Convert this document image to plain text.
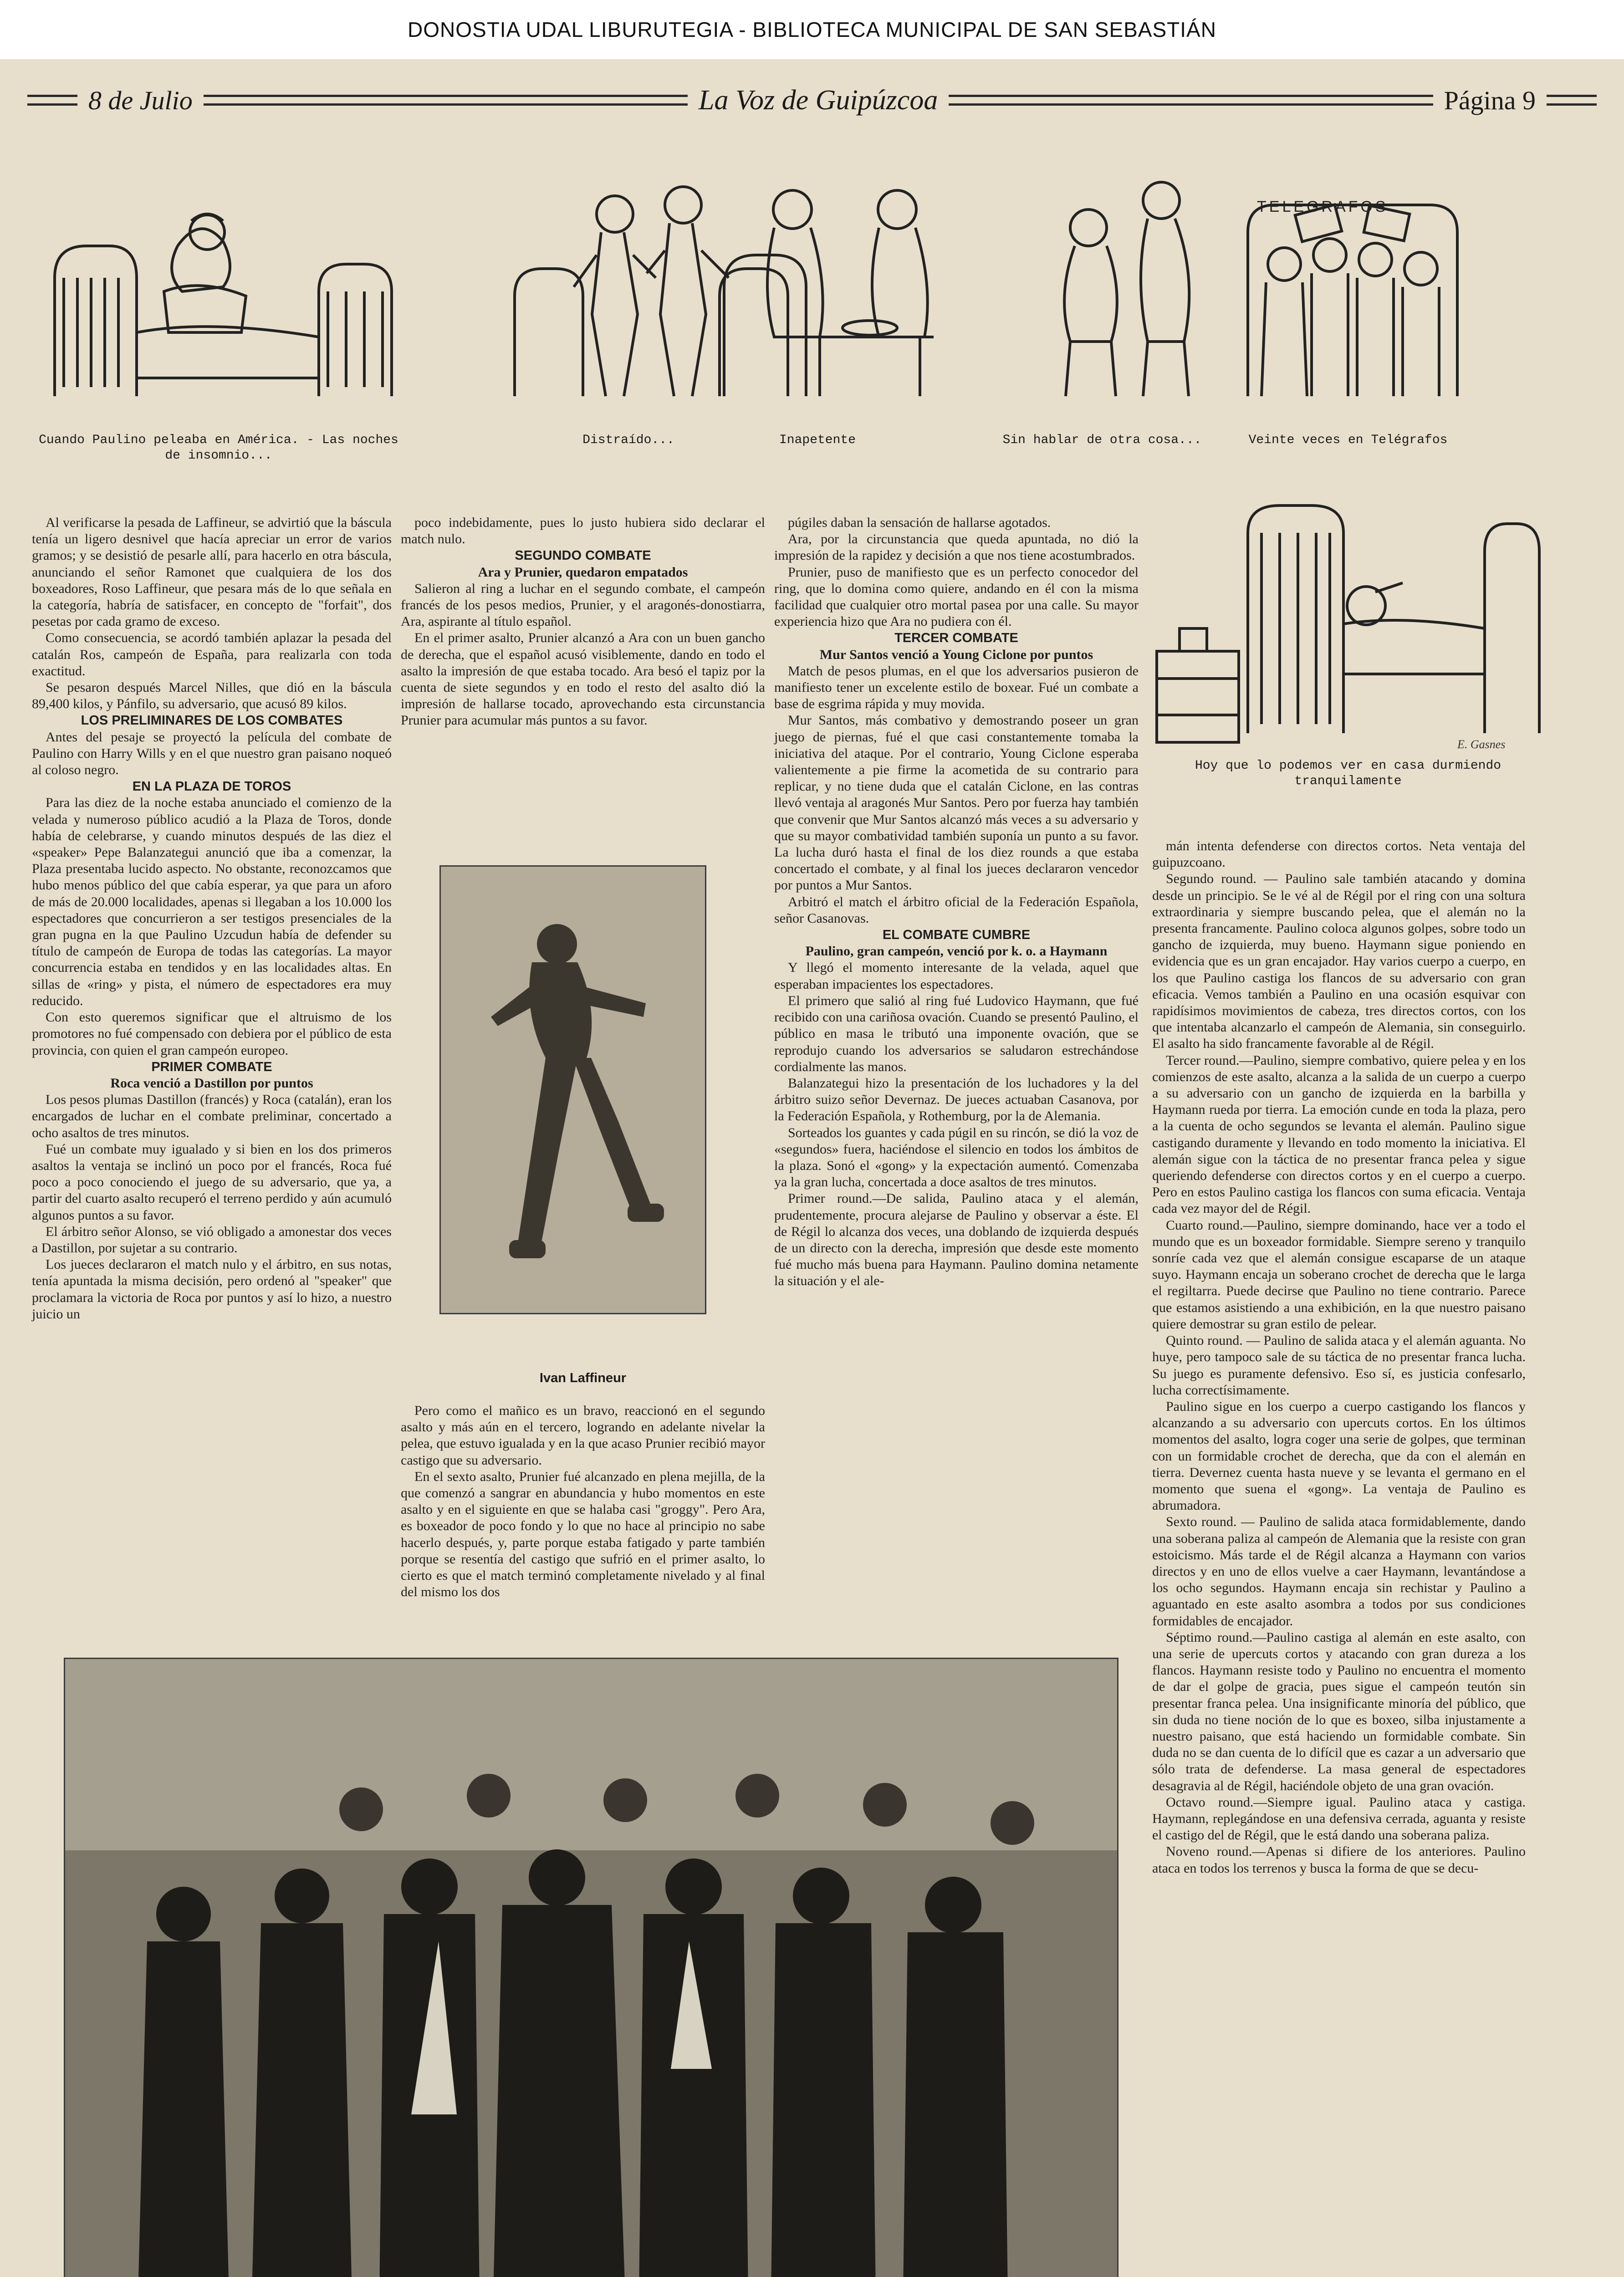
DONOSTIA UDAL LIBURUTEGIA - BIBLIOTECA MUNICIPAL DE SAN SEBASTIÁN
8 de Julio	La Voz de Guipúzcoa	Página 9
TELEGRAFOS
Cuando Paulino peleaba en América. - Las noches de insomnio...
Distraído...	Inapetente	Sin hablar de otra cosa...	Veinte veces en Telégrafos
E. Gasnes
Hoy que lo podemos ver en casa durmiendo tranquilamente

Al verificarse la pesada de Laffineur, se advirtió que la báscula tenía un ligero desnivel que hacía apreciar un error de varios gramos; y se desistió de pesarle allí, para hacerlo en otra báscula, anunciando el señor Ramonet que cualquiera de los dos boxeadores, Roso Laffineur, que pesara más de lo que señala en la categoría, habría de satisfacer, en concepto de "forfait", dos pesetas por cada gramo de exceso.

Como consecuencia, se acordó también aplazar la pesada del catalán Ros, campeón de España, para realizarla con toda exactitud.

Se pesaron después Marcel Nilles, que dió en la báscula 89,400 kilos, y Pánfilo, su adversario, que acusó 89 kilos.

LOS PRELIMINARES DE LOS COMBATES

Antes del pesaje se proyectó la película del combate de Paulino con Harry Wills y en el que nuestro gran paisano noqueó al coloso negro.

EN LA PLAZA DE TOROS

Para las diez de la noche estaba anunciado el comienzo de la velada y numeroso público acudió a la Plaza de Toros, donde había de celebrarse, y cuando minutos después de las diez el «speaker» Pepe Balanzategui anunció que iba a comenzar, la Plaza presentaba lucido aspecto. No obstante, reconozcamos que hubo menos público del que cabía esperar, ya que para un aforo de más de 20.000 localidades, apenas si llegaban a los 10.000 los espectadores que concurrieron a ser testigos presenciales de la gran pugna en la que Paulino Uzcudun había de defender su título de campeón de Europa de todas las categorías. La mayor concurrencia estaba en tendidos y en las localidades altas. En sillas de «ring» y pista, el número de espectadores era muy reducido.

Con esto queremos significar que el altruismo de los promotores no fué compensado con debiera por el público de esta provincia, con quien el gran campeón europeo.

PRIMER COMBATE

Roca venció a Dastillon por puntos

Los pesos plumas Dastillon (francés) y Roca (catalán), eran los encargados de luchar en el combate preliminar, concertado a ocho asaltos de tres minutos.

Fué un combate muy igualado y si bien en los dos primeros asaltos la ventaja se inclinó un poco por el francés, Roca fué poco a poco conociendo el juego de su adversario, que ya, a partir del cuarto asalto recuperó el terreno perdido y aún acumuló algunos puntos a su favor.

El árbitro señor Alonso, se vió obligado a amonestar dos veces a Dastillon, por sujetar a su contrario.

Los jueces declararon el match nulo y el árbitro, en sus notas, tenía apuntada la misma decisión, pero ordenó al "speaker" que proclamara la victoria de Roca por puntos y así lo hizo, a nuestro juicio un

poco indebidamente, pues lo justo hubiera sido declarar el match nulo.

SEGUNDO COMBATE

Ara y Prunier, quedaron empatados

Salieron al ring a luchar en el segundo combate, el campeón francés de los pesos medios, Prunier, y el aragonés-donostiarra, Ara, aspirante al título español.

En el primer asalto, Prunier alcanzó a Ara con un buen gancho de derecha, que el español acusó visiblemente, dando en todo el asalto la impresión de que estaba tocado. Ara besó el tapiz por la cuenta de siete segundos y en todo el resto del asalto dió la impresión de hallarse tocado, aprovechando esta circunstancia Prunier para acumular más puntos a su favor.

Ivan Laffineur

Pero como el mañico es un bravo, reaccionó en el segundo asalto y más aún en el tercero, logrando en adelante nivelar la pelea, que estuvo igualada y en la que acaso Prunier recibió mayor castigo que su adversario.

En el sexto asalto, Prunier fué alcanzado en plena mejilla, de la que comenzó a sangrar en abundancia y hubo momentos en este asalto y en el siguiente en que se halaba casi "groggy". Pero Ara, es boxeador de poco fondo y lo que no hace al principio no sabe hacerlo después, y, parte porque estaba fatigado y parte también porque se resentía del castigo que sufrió en el primer asalto, lo cierto es que el match terminó completamente nivelado y al final del mismo los dos

púgiles daban la sensación de hallarse agotados.

Ara, por la circunstancia que queda apuntada, no dió la impresión de la rapidez y decisión a que nos tiene acostumbrados.

Prunier, puso de manifiesto que es un perfecto conocedor del ring, que lo domina como quiere, andando en él con la misma facilidad que cualquier otro mortal pasea por una calle. Su mayor experiencia hizo que Ara no pudiera con él.

TERCER COMBATE

Mur Santos venció a Young Ciclone por puntos

Match de pesos plumas, en el que los adversarios pusieron de manifiesto tener un excelente estilo de boxear. Fué un combate a base de esgrima rápida y muy movida.

Mur Santos, más combativo y demostrando poseer un gran juego de piernas, fué el que casi constantemente tomaba la iniciativa del ataque. Por el contrario, Young Ciclone esperaba valientemente a pie firme la acometida de su contrario para replicar, y no tiene duda que el catalán Ciclone, en las contras llevó ventaja al aragonés Mur Santos. Pero por fuerza hay también que convenir que Mur Santos alcanzó más veces a su adversario y que su mayor combatividad también suponía un punto a su favor. La lucha duró hasta el final de los diez rounds a que estaba concertado el combate, y al final los jueces declararon vencedor por puntos a Mur Santos.

Arbitró el match el árbitro oficial de la Federación Española, señor Casanovas.

EL COMBATE CUMBRE

Paulino, gran campeón, venció por k. o. a Haymann

Y llegó el momento interesante de la velada, aquel que esperaban impacientes los espectadores.

El primero que salió al ring fué Ludovico Haymann, que fué recibido con una cariñosa ovación. Cuando se presentó Paulino, el público en masa le tributó una imponente ovación, que se reprodujo cuando los adversarios se saludaron estrechándose cordialmente las manos.

Balanzategui hizo la presentación de los luchadores y la del árbitro suizo señor Devernaz. De jueces actuaban Casanova, por la Federación Española, y Rothemburg, por la de Alemania.

Sorteados los guantes y cada púgil en su rincón, se dió la voz de «segundos» fuera, haciéndose el silencio en todos los ámbitos de la plaza. Sonó el «gong» y la expectación aumentó. Comenzaba ya la gran lucha, concertada a doce asaltos de tres minutos.

Primer round.—De salida, Paulino ataca y el alemán, prudentemente, procura alejarse de Paulino y observar a éste. El de Régil lo alcanza dos veces, una doblando de izquierda después de un directo con la derecha, impresión que desde este momento fué mucho más buena para Haymann. Paulino domina netamente la situación y el ale-

mán intenta defenderse con directos cortos. Neta ventaja del guipuzcoano.

Segundo round. — Paulino sale también atacando y domina desde un principio. Se le vé al de Régil por el ring con una soltura extraordinaria y siempre buscando pelea, que el alemán no la presenta francamente. Paulino coloca algunos golpes, sobre todo un gancho de izquierda, muy bueno. Haymann sigue poniendo en evidencia que es un gran encajador. Hay varios cuerpo a cuerpo, en los que Paulino castiga los flancos de su adversario con gran eficacia. Vemos también a Paulino en una ocasión esquivar con rapidísimos movimientos de cabeza, tres directos cortos, con los que intentaba alcanzarlo el campeón de Alemania, sin conseguirlo. El asalto ha sido francamente favorable al de Régil.

Tercer round.—Paulino, siempre combativo, quiere pelea y en los comienzos de este asalto, alcanza a la salida de un cuerpo a cuerpo a su adversario con un gancho de izquierda en la barbilla y Haymann rueda por tierra. La emoción cunde en toda la plaza, pero a la cuenta de ocho segundos se levanta el alemán. Paulino sigue castigando duramente y llevando en todo momento la iniciativa. El alemán sigue con la táctica de no presentar franca pelea y sigue queriendo defenderse con directos cortos y en el cuerpo a cuerpo. Pero en estos Paulino castiga los flancos con suma eficacia. Ventaja cada vez mayor del de Régil.

Cuarto round.—Paulino, siempre dominando, hace ver a todo el mundo que es un boxeador formidable. Siempre sereno y tranquilo sonríe cada vez que el alemán consigue escaparse de un ataque suyo. Haymann encaja un soberano crochet de derecha que le larga el regiltarra. Puede decirse que Paulino no tiene contrario. Parece que estamos asistiendo a una exhibición, en la que nuestro paisano quiere demostrar su gran estilo de pelear.

Quinto round. — Paulino de salida ataca y el alemán aguanta. No huye, pero tampoco sale de su táctica de no presentar franca lucha. Su juego es puramente defensivo. Eso sí, es justicia confesarlo, lucha correctísimamente.

Paulino sigue en los cuerpo a cuerpo castigando los flancos y alcanzando a su adversario con upercuts cortos. En los últimos momentos del asalto, logra coger una serie de golpes, que terminan con un formidable crochet de derecha, que da con el alemán en tierra. Devernez cuenta hasta nueve y se levanta el germano en el momento que suena el «gong». La ventaja de Paulino es abrumadora.

Sexto round. — Paulino de salida ataca formidablemente, dando una soberana paliza al campeón de Alemania que la resiste con gran estoicismo. Más tarde el de Régil alcanza a Haymann con varios directos y en uno de ellos vuelve a caer Haymann, levantándose a los ocho segundos. Haymann encaja sin rechistar y Paulino a aguantado en este asalto asombra a todos por sus condiciones formidables de encajador.

Séptimo round.—Paulino castiga al alemán en este asalto, con una serie de upercuts cortos y atacando con gran dureza a los flancos. Haymann resiste todo y Paulino no encuentra el momento de dar el golpe de gracia, pues sigue el campeón teutón sin presentar franca pelea. Una insignificante minoría del público, que sin duda no tiene noción de lo que es boxeo, silba injustamente a nuestro paisano, que está haciendo un formidable combate. Sin duda no se dan cuenta de lo difícil que es cazar a un adversario que sólo trata de defenderse. La masa general de espectadores desagravia al de Régil, haciéndole objeto de una gran ovación.

Octavo round.—Siempre igual. Paulino ataca y castiga. Haymann, replegándose en una defensiva cerrada, aguanta y resiste el castigo del de Régil, que le está dando una soberana paliza.

Noveno round.—Apenas si difiere de los anteriores. Paulino ataca en todos los terrenos y busca la forma de que se decu-
